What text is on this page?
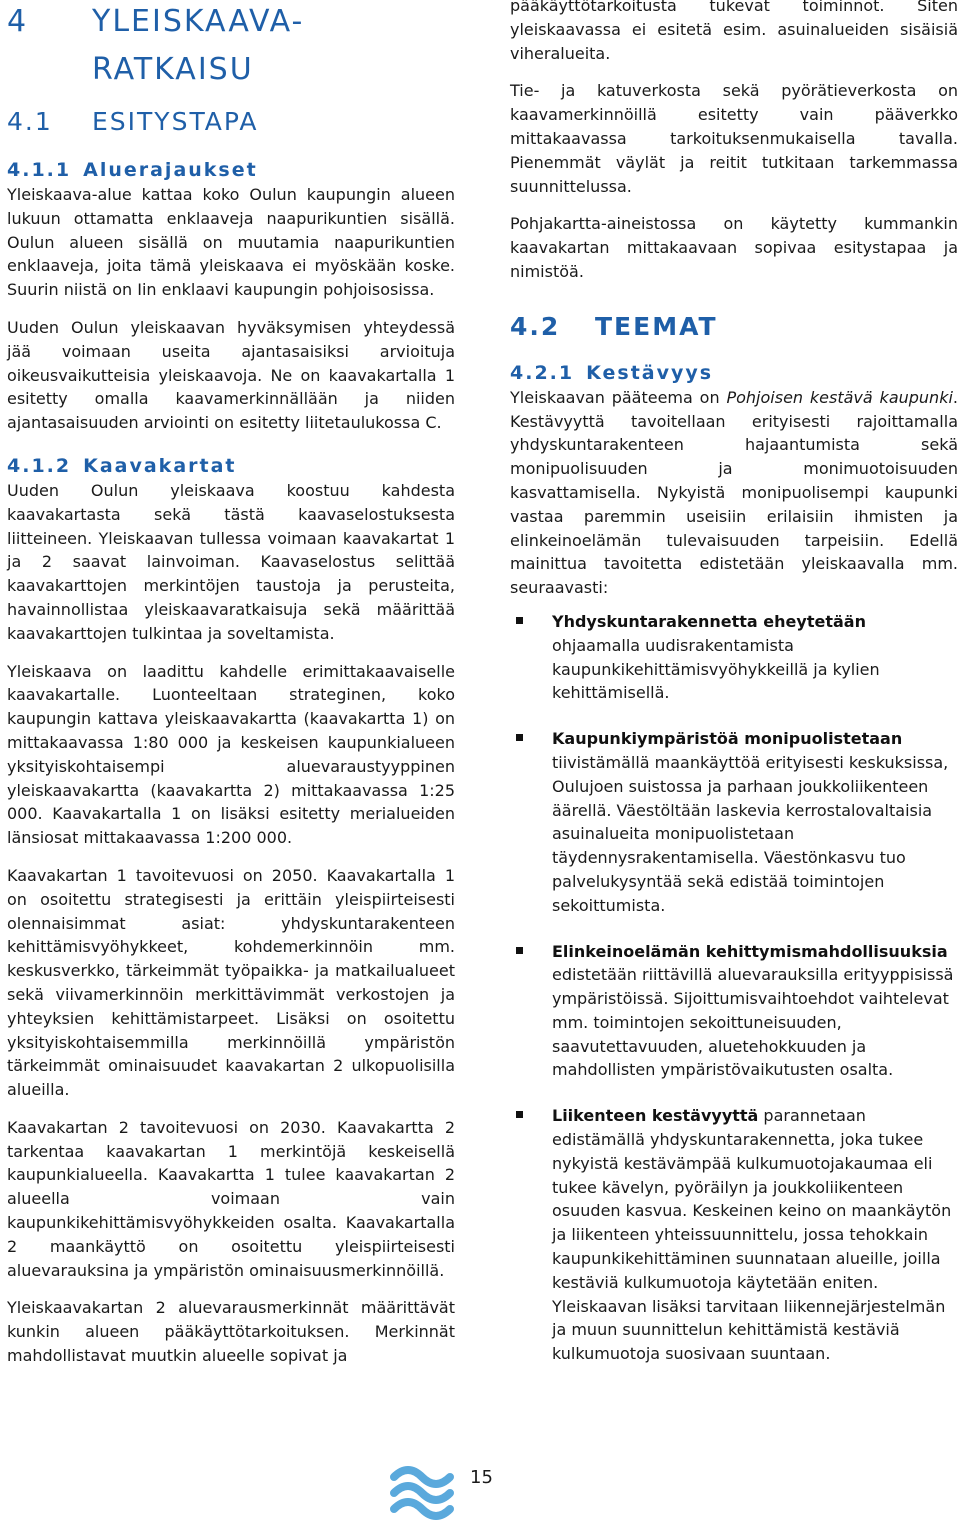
4 YLEISKAAVA-RATKAISU
4.1 ESITYSTAPA
4.1.1 Aluerajaukset

Yleiskaava-alue kattaa koko Oulun kaupungin alueen lukuun ottamatta enklaaveja naapurikuntien sisällä. Oulun alueen sisällä on muutamia naapurikuntien enklaaveja, joita tämä yleiskaava ei myöskään koske. Suurin niistä on Iin enklaavi kaupungin pohjoisosissa.

Uuden Oulun yleiskaavan hyväksymisen yhteydessä jää voimaan useita ajantasaisiksi arvioituja oikeusvaikutteisia yleiskaavoja. Ne on kaavakartalla 1 esitetty omalla kaavamerkinnällään ja niiden ajantasaisuuden arviointi on esitetty liitetaulukossa C.

4.1.2 Kaavakartat

Uuden Oulun yleiskaava koostuu kahdesta kaavakartasta sekä tästä kaavaselostuksesta liitteineen. Yleiskaavan tullessa voimaan kaavakartat 1 ja 2 saavat lainvoiman. Kaavaselostus selittää kaavakarttojen merkintöjen taustoja ja perusteita, havainnollistaa yleiskaavaratkaisuja sekä määrittää kaavakarttojen tulkintaa ja soveltamista.

Yleiskaava on laadittu kahdelle erimittakaavaiselle kaavakartalle. Luonteeltaan strateginen, koko kaupungin kattava yleiskaavakartta (kaavakartta 1) on mittakaavassa 1:80 000 ja keskeisen kaupunkialueen yksityiskohtaisempi aluevaraustyyppinen yleiskaavakartta (kaavakartta 2) mittakaavassa 1:25 000. Kaavakartalla 1 on lisäksi esitetty merialueiden länsiosat mittakaavassa 1:200 000.

Kaavakartan 1 tavoitevuosi on 2050. Kaavakartalla 1 on osoitettu strategisesti ja erittäin yleispiirteisesti olennaisimmat asiat: yhdyskuntarakenteen kehittämisvyöhykkeet, kohdemerkinnöin mm. keskusverkko, tärkeimmät työpaikka- ja matkailualueet sekä viivamerkinnöin merkittävimmät verkostojen ja yhteyksien kehittämistarpeet. Lisäksi on osoitettu yksityiskohtaisemmilla merkinnöillä ympäristön tärkeimmät ominaisuudet kaavakartan 2 ulkopuolisilla alueilla.

Kaavakartan 2 tavoitevuosi on 2030. Kaavakartta 2 tarkentaa kaavakartan 1 merkintöjä keskeisellä kaupunkialueella. Kaavakartta 1 tulee kaavakartan 2 alueella voimaan vain kaupunkikehittämisvyöhykkeiden osalta. Kaavakartalla 2 maankäyttö on osoitettu yleispiirteisesti aluevarauksina ja ympäristön ominaisuusmerkinnöillä.

Yleiskaavakartan 2 aluevarausmerkinnät määrittävät kunkin alueen pääkäyttötarkoituksen. Merkinnät mahdollistavat muutkin alueelle sopivat ja

pääkäyttötarkoitusta tukevat toiminnot. Siten yleiskaavassa ei esitetä esim. asuinalueiden sisäisiä viheralueita.

Tie- ja katuverkosta sekä pyörätieverkosta on kaavamerkinnöillä esitetty vain pääverkko mittakaavassa tarkoituksenmukaisella tavalla. Pienemmät väylät ja reitit tutkitaan tarkemmassa suunnittelussa.

Pohjakartta-aineistossa on käytetty kummankin kaavakartan mittakaavaan sopivaa esitystapaa ja nimistöä.

4.2 TEEMAT
4.2.1 Kestävyys

Yleiskaavan pääteema on Pohjoisen kestävä kaupunki. Kestävyyttä tavoitellaan erityisesti rajoittamalla yhdyskuntarakenteen hajaantumista sekä monipuolisuuden ja monimuotoisuuden kasvattamisella. Nykyistä monipuolisempi kaupunki vastaa paremmin useisiin erilaisiin ihmisten ja elinkeinoelämän tulevaisuuden tarpeisiin. Edellä mainittua tavoitetta edistetään yleiskaavalla mm. seuraavasti:

Yhdyskuntarakennetta eheytetään ohjaamalla uudisrakentamista kaupunkikehittämisvyöhykkeillä ja kylien kehittämisellä.
Kaupunkiympäristöä monipuolistetaan tiivistämällä maankäyttöä erityisesti keskuksissa, Oulujoen suistossa ja parhaan joukkoliikenteen äärellä. Väestöltään laskevia kerrostalovaltaisia asuinalueita monipuolistetaan täydennysrakentamisella. Väestönkasvu tuo palvelukysyntää sekä edistää toimintojen sekoittumista.
Elinkeinoelämän kehittymismahdollisuuksia edistetään riittävillä aluevarauksilla erityyppisissä ympäristöissä. Sijoittumisvaihtoehdot vaihtelevat mm. toimintojen sekoittuneisuuden, saavutettavuuden, aluetehokkuuden ja mahdollisten ympäristövaikutusten osalta.
Liikenteen kestävyyttä parannetaan edistämällä yhdyskuntarakennetta, joka tukee nykyistä kestävämpää kulkumuotojakaumaa eli tukee kävelyn, pyöräilyn ja joukkoliikenteen osuuden kasvua. Keskeinen keino on maankäytön ja liikenteen yhteissuunnittelu, jossa tehokkain kaupunkikehittäminen suunnataan alueille, joilla kestäviä kulkumuotoja käytetään eniten. Yleiskaavan lisäksi tarvitaan liikennejärjestelmän ja muun suunnittelun kehittämistä kestäviä kulkumuotoja suosivaan suuntaan.
15
